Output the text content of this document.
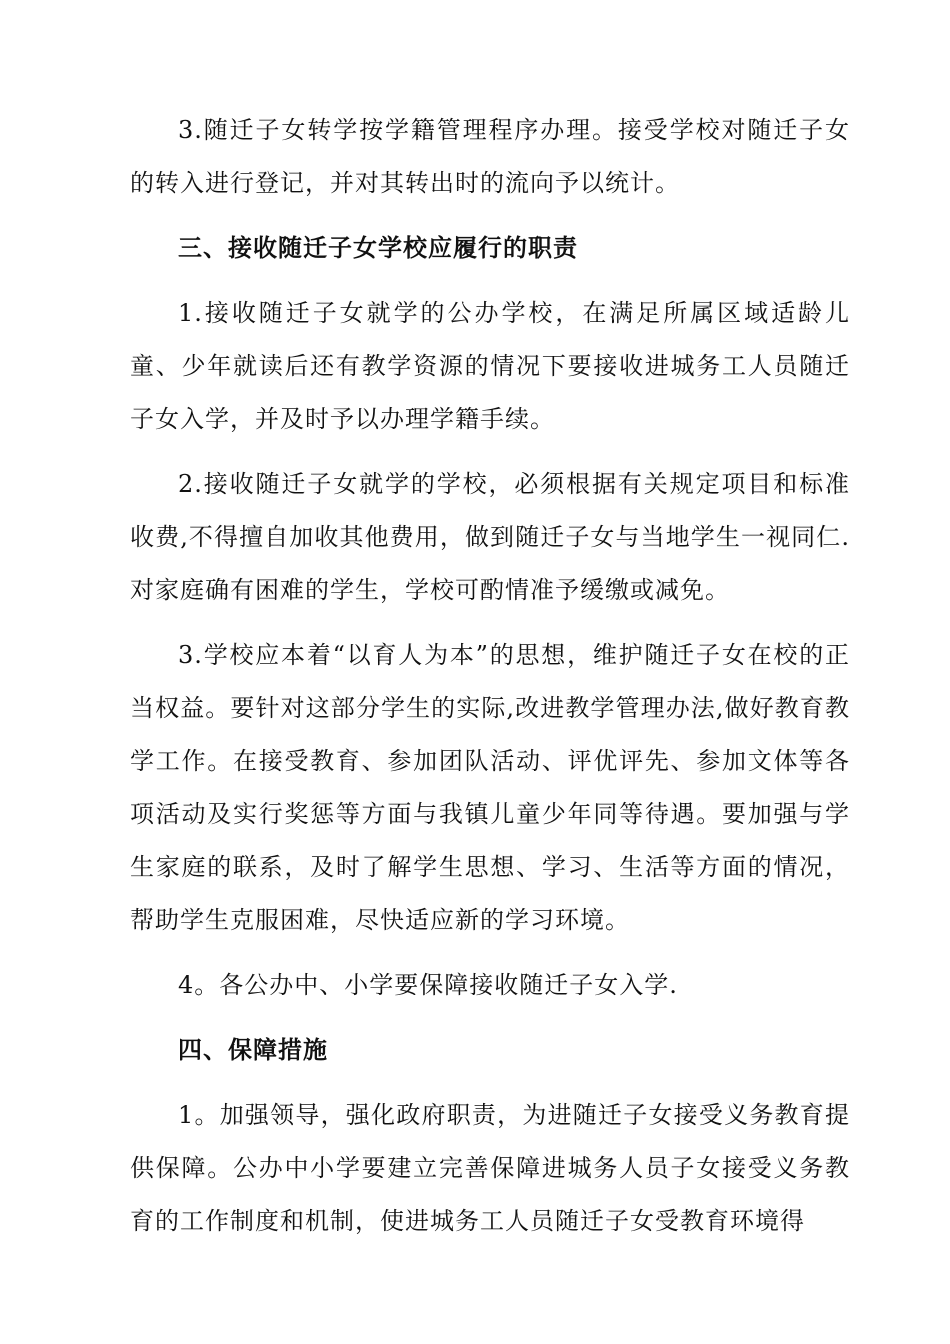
3.随迁子女转学按学籍管理程序办理。接受学校对随迁子女的转入进行登记，并对其转出时的流向予以统计。

三、接收随迁子女学校应履行的职责

1.接收随迁子女就学的公办学校，在满足所属区域适龄儿童、少年就读后还有教学资源的情况下要接收进城务工人员随迁子女入学，并及时予以办理学籍手续。

2.接收随迁子女就学的学校，必须根据有关规定项目和标准收费,不得擅自加收其他费用，做到随迁子女与当地学生一视同仁.对家庭确有困难的学生，学校可酌情准予缓缴或减免。

3.学校应本着“以育人为本”的思想，维护随迁子女在校的正当权益。要针对这部分学生的实际,改进教学管理办法,做好教育教学工作。在接受教育、参加团队活动、评优评先、参加文体等各项活动及实行奖惩等方面与我镇儿童少年同等待遇。要加强与学生家庭的联系，及时了解学生思想、学习、生活等方面的情况，帮助学生克服困难，尽快适应新的学习环境。

4。各公办中、小学要保障接收随迁子女入学.

四、保障措施

1。加强领导，强化政府职责，为进随迁子女接受义务教育提供保障。公办中小学要建立完善保障进城务人员子女接受义务教育的工作制度和机制，使进城务工人员随迁子女受教育环境得
